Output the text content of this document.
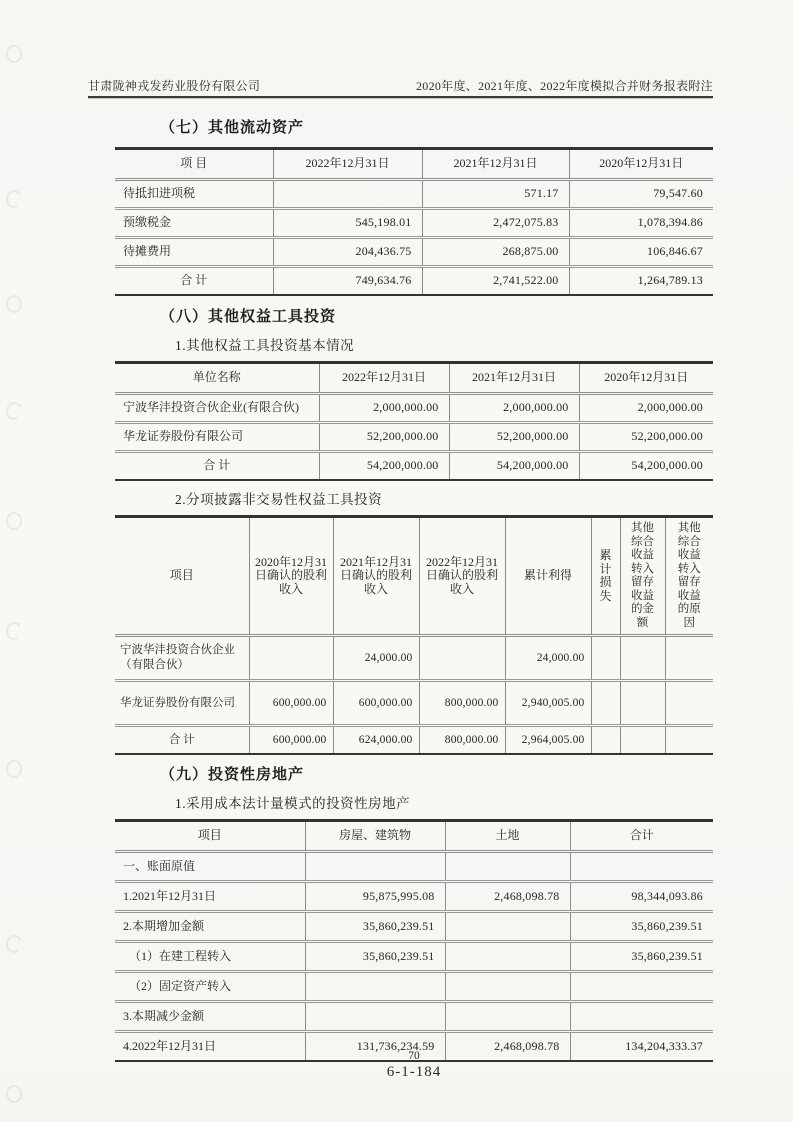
甘肃陇神戎发药业股份有限公司	2020年度、2021年度、2022年度模拟合并财务报表附注
（七）其他流动资产
项 目	2022年12月31日	2021年12月31日	2020年12月31日
待抵扣进项税		571.17	79,547.60
预缴税金	545,198.01	2,472,075.83	1,078,394.86
待摊费用	204,436.75	268,875.00	106,846.67
合 计	749,634.76	2,741,522.00	1,264,789.13
（八）其他权益工具投资
1.其他权益工具投资基本情况
单位名称	2022年12月31日	2021年12月31日	2020年12月31日
宁波华沣投资合伙企业(有限合伙)	2,000,000.00	2,000,000.00	2,000,000.00
华龙证券股份有限公司	52,200,000.00	52,200,000.00	52,200,000.00
合 计	54,200,000.00	54,200,000.00	54,200,000.00
2.分项披露非交易性权益工具投资
项目	2020年12月31日确认的股利收入	2021年12月31日确认的股利收入	2022年12月31日确认的股利收入	累计利得	累计损失	其他综合收益转入留存收益的金额	其他综合收益转入留存收益的原因
宁波华沣投资合伙企业（有限合伙）		24,000.00		24,000.00			
华龙证券股份有限公司	600,000.00	600,000.00	800,000.00	2,940,005.00			
合 计	600,000.00	624,000.00	800,000.00	2,964,005.00			
（九）投资性房地产
1.采用成本法计量模式的投资性房地产
项目	房屋、建筑物	土地	合计
一、账面原值			
1.2021年12月31日	95,875,995.08	2,468,098.78	98,344,093.86
2.本期增加金额	35,860,239.51		35,860,239.51
（1）在建工程转入	35,860,239.51		35,860,239.51
（2）固定资产转入			
3.本期减少金额			
4.2022年12月31日	131,736,234.59	2,468,098.78	134,204,333.37
70
6-1-184
